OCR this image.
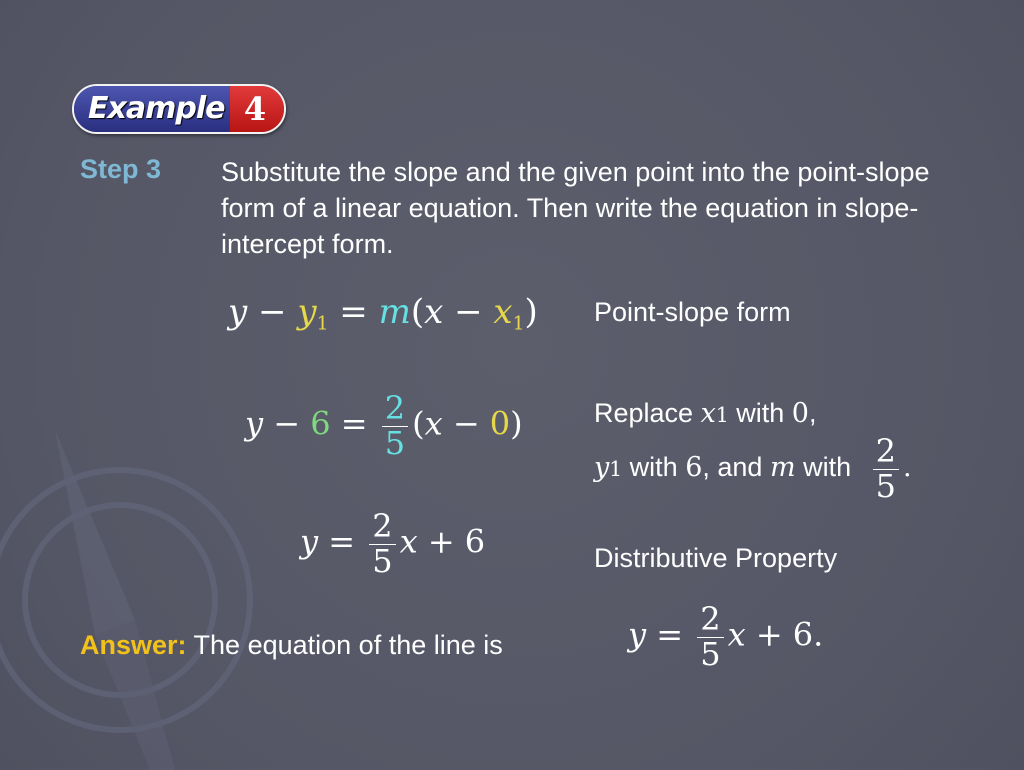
Example 4
Step 3 Substitute the slope and the given point into the point-slope form of a linear equation. Then write the equation in slope-intercept form.
$y - y_1 = m(x - x_1)$ Point-slope form
$y - 6 = \frac{2}{5} (x - 0)$	Replace x1 with 0,
y1 with 6, and m with $\frac{2}{5}$ .
$y = \frac{2}{5}$ x + 6	Distributive Property
Answer: The equation of the line is	$y = \frac{2}{5}$ x + 6.
